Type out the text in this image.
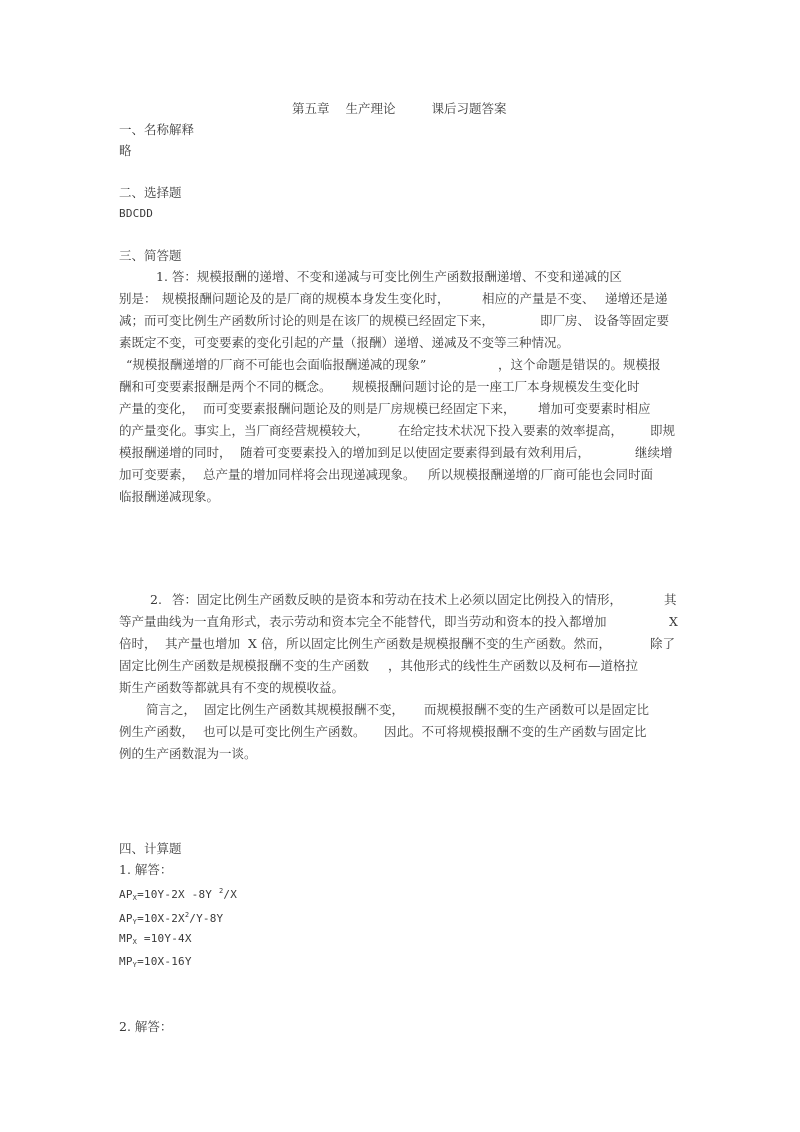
第五章 生产理论	课后习题答案
一、名称解释
略
二、选择题
BDCDD
三、简答题
1. 答：规模报酬的递增、不变和递减与可变比例生产函数报酬递增、不变和递减的区
别是： 规模报酬问题论及的是厂商的规模本身发生变化时，	相应的产量是不变、 递增还是递
减；而可变比例生产函数所讨论的则是在该厂的规模已经固定下来，	即厂房、 设备等固定要
素既定不变，可变要素的变化引起的产量（报酬）递增、递减及不变等三种情况。
“规模报酬递增的厂商不可能也会面临报酬递减的现象”	，这个命题是错误的。规模报
酬和可变要素报酬是两个不同的概念。 规模报酬问题讨论的是一座工厂本身规模发生变化时
产量的变化， 而可变要素报酬问题论及的则是厂房规模已经固定下来， 增加可变要素时相应
的产量变化。事实上，当厂商经营规模较大， 在给定技术状况下投入要素的效率提高， 即规
模报酬递增的同时， 随着可变要素投入的增加到足以使固定要素得到最有效利用后，	继续增
加可变要素， 总产量的增加同样将会出现递减现象。 所以规模报酬递增的厂商可能也会同时面
临报酬递减现象。
2. 答：固定比例生产函数反映的是资本和劳动在技术上必须以固定比例投入的情形，	其
等产量曲线为一直角形式，表示劳动和资本完全不能替代，即当劳动和资本的投入都增加	X
倍时， 其产量也增加 X 倍，所以固定比例生产函数是规模报酬不变的生产函数。然而，	除了
固定比例生产函数是规模报酬不变的生产函数 ，其他形式的线性生产函数以及柯布—道格拉
斯生产函数等都就具有不变的规模收益。
简言之， 固定比例生产函数其规模报酬不变， 而规模报酬不变的生产函数可以是固定比
例生产函数， 也可以是可变比例生产函数。 因此。不可将规模报酬不变的生产函数与固定比
例的生产函数混为一谈。
四、计算题
1. 解答：
$AP_X=10Y-2X$ -8Y $^2$/X
$AP_Y=10X-2X^2/Y-8Y$
$MP_X =10Y-4X$
$MP_Y=10X-16Y$
2. 解答：
